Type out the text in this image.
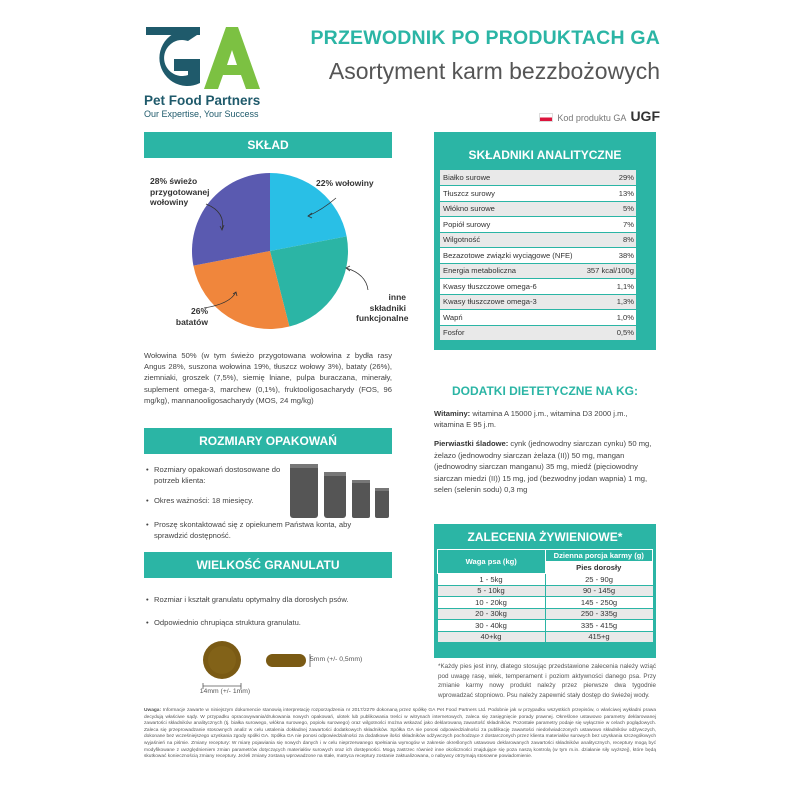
Pet Food Partners
Our Expertise, Your Success
PRZEWODNIK PO PRODUKTACH GA
Asortyment karm bezzbożowych
Kod produktu GA UGF
SKŁAD
28% świeżo przygotowanej wołowiny
22% wołowiny
inne składniki funkcjonalne
26% batatów
Wołowina 50% (w tym świeżo przygotowana wołowina z bydła rasy Angus 28%, suszona wołowina 19%, tłuszcz wołowy 3%), bataty (26%), ziemniaki, groszek (7,5%), siemię lniane, pulpa buraczana, minerały, suplement omega-3, marchew (0,1%), fruktooligosacharydy (FOS, 96 mg/kg), mannanooligosacharydy (MOS, 24 mg/kg)
ROZMIARY OPAKOWAŃ
• Rozmiary opakowań dostosowane do potrzeb klienta:
• Okres ważności: 18 miesięcy.
• Proszę skontaktować się z opiekunem Państwa konta, aby sprawdzić dostępność.
WIELKOŚĆ GRANULATU
• Rozmiar i kształt granulatu optymalny dla dorosłych psów.
• Odpowiednio chrupiąca struktura granulatu.
14mm (+/- 1mm)
5mm (+/- 0,5mm)
SKŁADNIKI ANALITYCZNE
Białko surowe	29%
Tłuszcz surowy	13%
Włókno surowe	5%
Popiół surowy	7%
Wilgotność	8%
Bezazotowe związki wyciągowe (NFE)	38%
Energia metaboliczna	357 kcal/100g
Kwasy tłuszczowe omega-6	1,1%
Kwasy tłuszczowe omega-3	1,3%
Wapń	1,0%
Fosfor	0,5%
DODATKI DIETETYCZNE NA KG:
Witaminy: witamina A 15000 j.m., witamina D3 2000 j.m., witamina E 95 j.m.
Pierwiastki śladowe: cynk (jednowodny siarczan cynku) 50 mg, żelazo (jednowodny siarczan żelaza (II)) 50 mg, mangan (jednowodny siarczan manganu) 35 mg, miedź (pięciowodny siarczan miedzi (II)) 15 mg, jod (bezwodny jodan wapnia) 1 mg, selen (selenin sodu) 0,3 mg
ZALECENIA ŻYWIENIOWE*
Waga psa (kg)	Dzienna porcja karmy (g)
	Pies dorosły
1 - 5kg	25 - 90g
5 - 10kg	90 - 145g
10 - 20kg	145 - 250g
20 - 30kg	250 - 335g
30 - 40kg	335 - 415g
40+kg	415+g
*Każdy pies jest inny, dlatego stosując przedstawione zalecenia należy wziąć pod uwagę rasę, wiek, temperament i poziom aktywności danego psa. Przy zmianie karmy nowy produkt należy przez pierwsze dwa tygodnie wprowadzać stopniowo. Psu należy zapewnić stały dostęp do świeżej wody.
Uwaga: Informacje zawarte w niniejszym dokumencie stanowią interpretację rozporządzenia nr 2017/2279 dokonaną przez spółkę GA Pet Food Partners Ltd. Podobnie jak w przypadku wszystkich przepisów, o właściwej wykładni prawa decydują właściwe sądy. W przypadku opracowywania/drukowania nowych opakowań, ulotek lub publikowania treści w witrynach internetowych, zaleca się zasięgnięcie porady prawnej. Określone ustawowo parametry deklarowanej zawartości składników analitycznych (tj. białka surowego, włókna surowego, popiołu surowego) oraz wilgotności można wskazać jako deklarowaną zawartość składników. Pozostałe parametry podaje się wyłącznie w celach poglądowych. Zaleca się przeprowadzanie stosownych analiz w celu ustalenia dokładnej zawartości dodatkowych składników. Spółka GA nie ponosi odpowiedzialności za publikację zawartości niedoświadczonych ustawowo składników odżywczych, dokonane bez wcześniejszego uzyskania zgody spółki GA. Spółka GA nie ponosi odpowiedzialności za dodatkowe ilości składników odżywczych pochodzące z dostarczonych przez klienta materiałów surowych bez uzyskania szczegółowych wyjaśnień na piśmie. Zmiany receptury: W miarę pojawiania się nowych danych i w celu nieprzerwanego spełniania wymogów w zakresie określonych ustawowo deklarowanych zawartości składników analitycznych, receptury mogą być modyfikowane z uwzględnieniem zmian parametrów dotyczących materiałów surowych oraz ich dostępności. Mogą zastrzec również inne okoliczności znajdujące się poza naszą kontrolą (w tym m.in. działanie siły wyższej), które będą skutkować koniecznością zmiany receptury. Jeżeli zmiany zostaną wprowadzone na stałe, matryca receptury zostanie zaktualizowana, o nabywcy otrzymają stosowne powiadomienie.
